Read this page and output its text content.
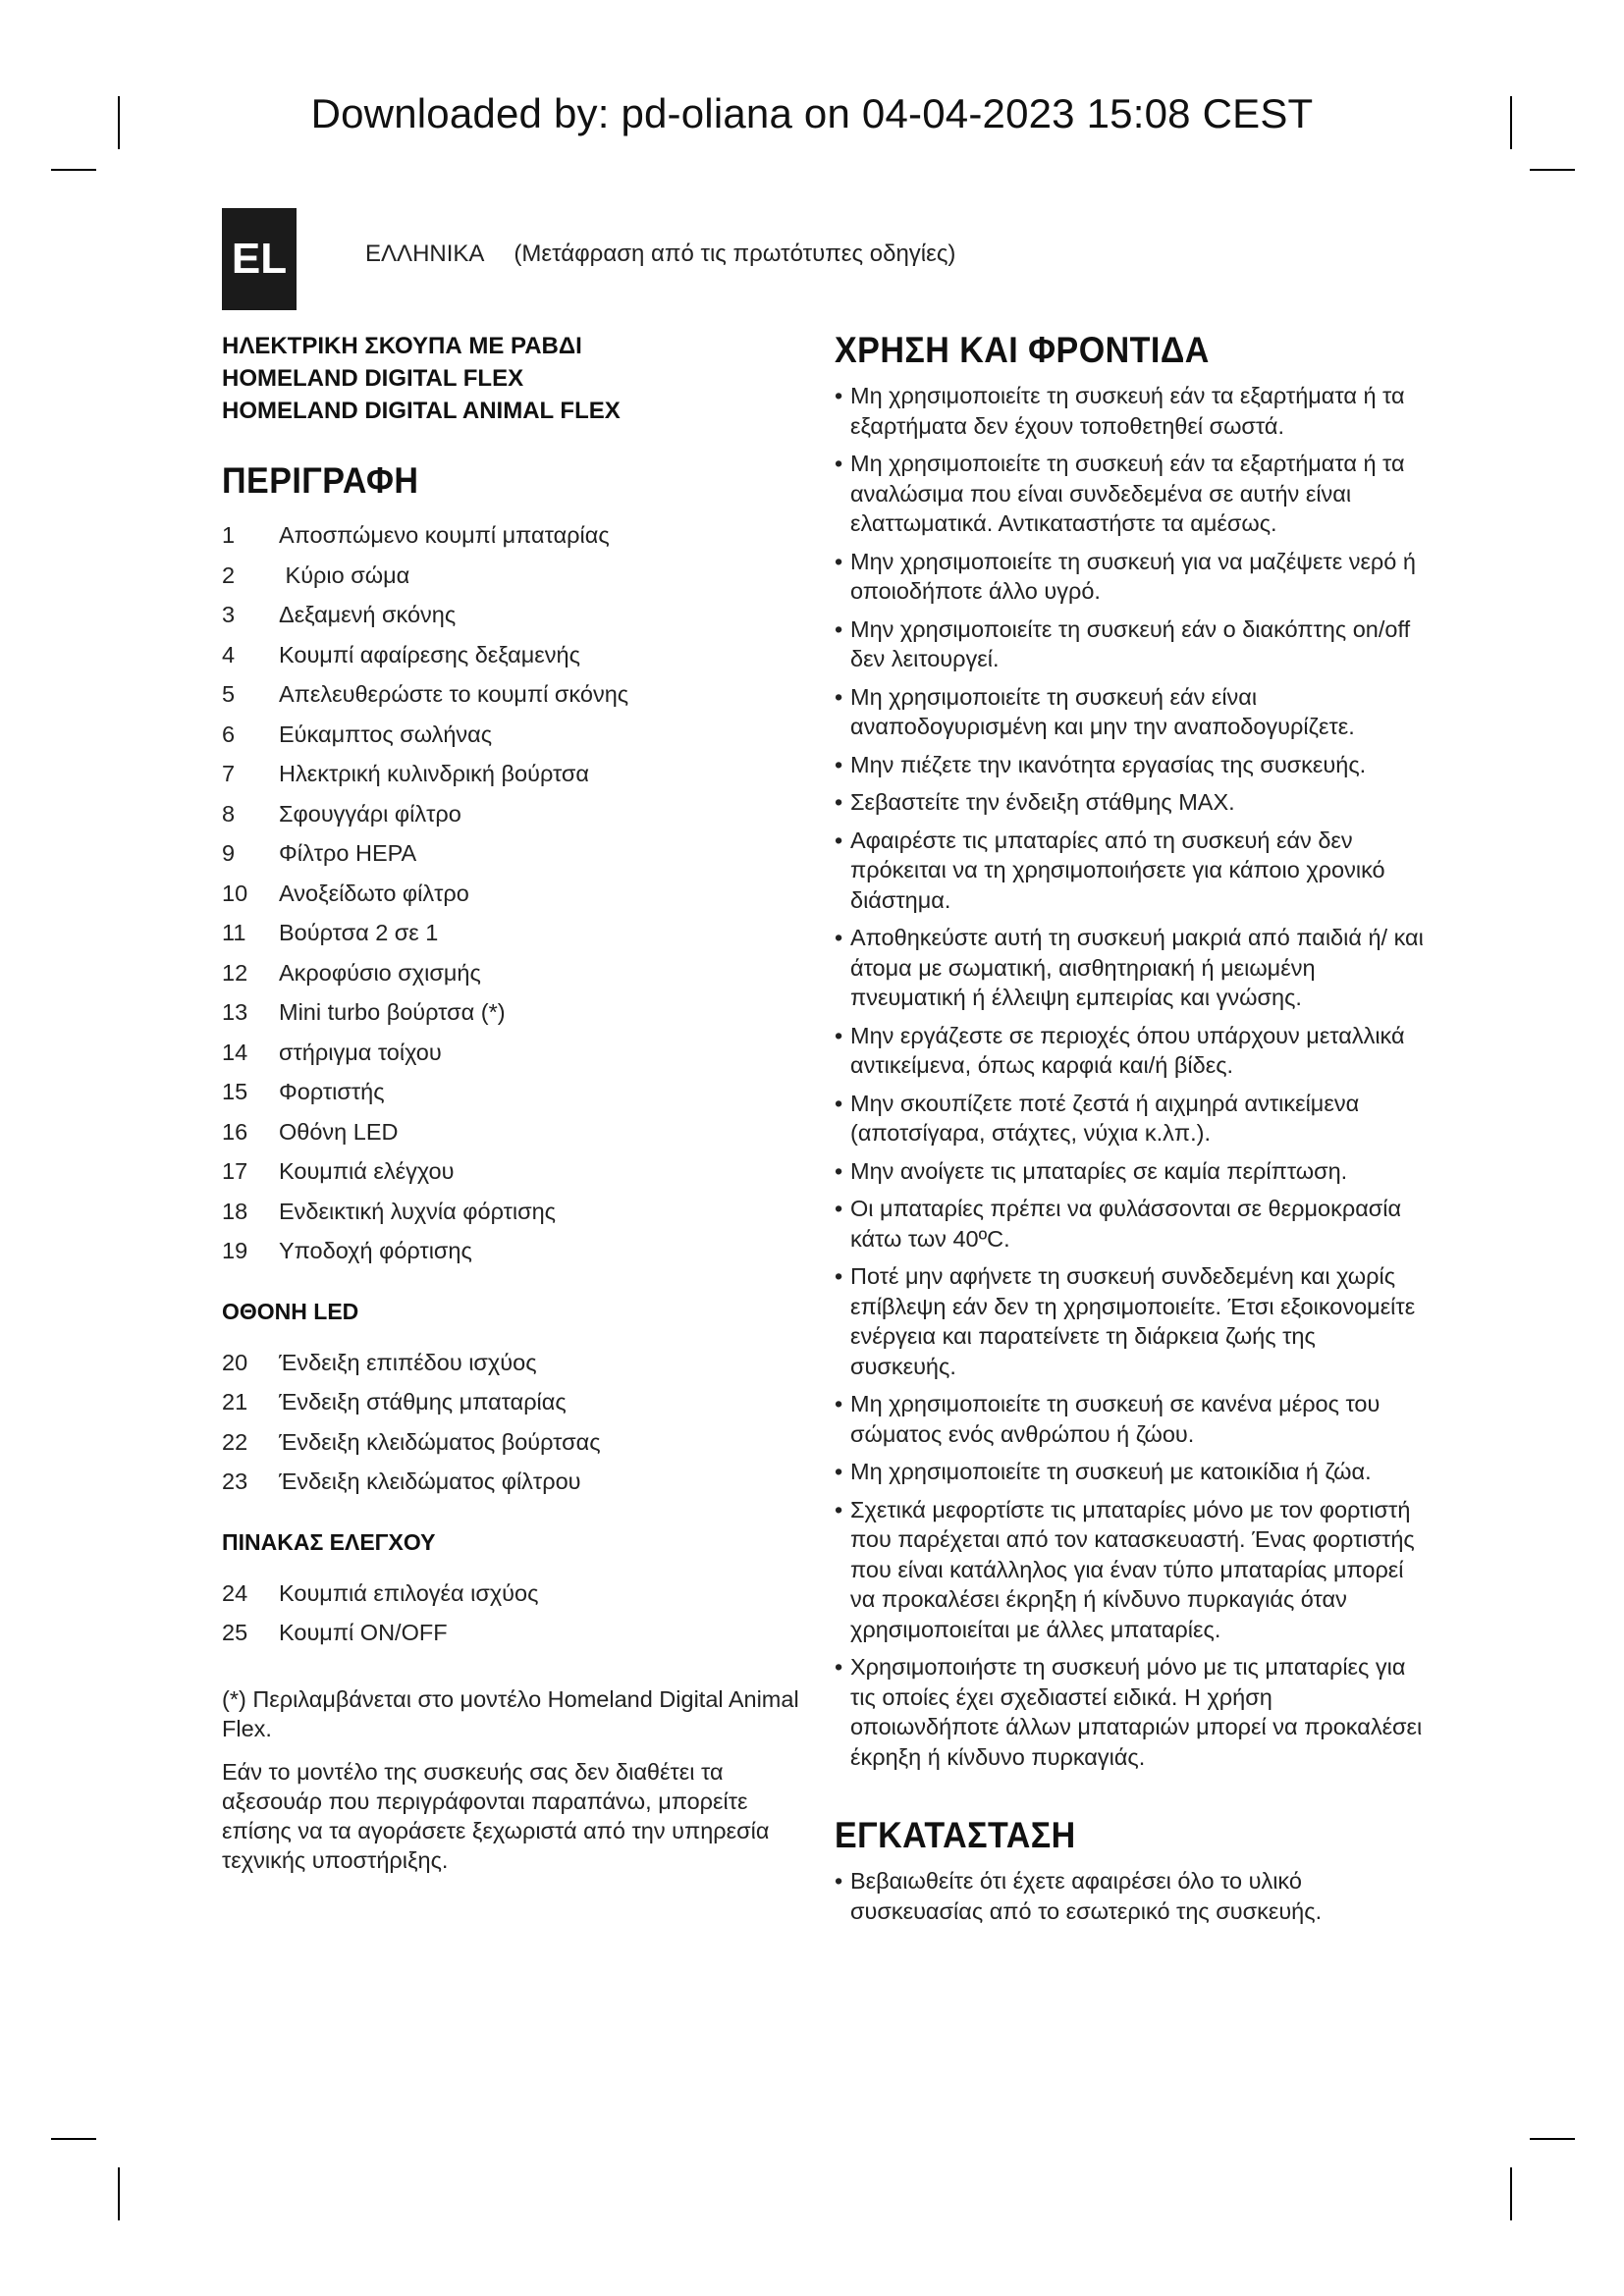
Downloaded by: pd-oliana on 04-04-2023 15:08 CEST
EL	ΕΛΛΗΝΙΚΑ (Μετάφραση από τις πρωτότυπες οδηγίες)
ΗΛΕΚΤΡΙΚΗ ΣΚΟΥΠΑ ΜΕ ΡΑΒΔΙ
HOMELAND DIGITAL FLEX
HOMELAND DIGITAL ANIMAL FLEX
ΠΕΡΙΓΡΑΦΗ
1	Αποσπώμενο κουμπί μπαταρίας
2	Κύριο σώμα
3	Δεξαμενή σκόνης
4	Κουμπί αφαίρεσης δεξαμενής
5	Απελευθερώστε το κουμπί σκόνης
6	Εύκαμπτος σωλήνας
7	Ηλεκτρική κυλινδρική βούρτσα
8	Σφουγγάρι φίλτρο
9	Φίλτρο HEPA
10	Ανοξείδωτο φίλτρο
11	Βούρτσα 2 σε 1
12	Ακροφύσιο σχισμής
13	Mini turbo βούρτσα (*)
14	στήριγμα τοίχου
15	Φορτιστής
16	Οθόνη LED
17	Κουμπιά ελέγχου
18	Ενδεικτική λυχνία φόρτισης
19	Υποδοχή φόρτισης
ΟΘΟΝΗ LED
20	Ένδειξη επιπέδου ισχύος
21	Ένδειξη στάθμης μπαταρίας
22	Ένδειξη κλειδώματος βούρτσας
23	Ένδειξη κλειδώματος φίλτρου
ΠΙΝΑΚΑΣ ΕΛΕΓΧΟΥ
24	Κουμπιά επιλογέα ισχύος
25	Κουμπί ON/OFF
(*) Περιλαμβάνεται στο μοντέλο Homeland Digital Animal Flex.
Εάν το μοντέλο της συσκευής σας δεν διαθέτει τα αξεσουάρ που περιγράφονται παραπάνω, μπορείτε επίσης να τα αγοράσετε ξεχωριστά από την υπηρεσία τεχνικής υποστήριξης.
ΧΡΗΣΗ ΚΑΙ ΦΡΟΝΤΙΔΑ
• Μη χρησιμοποιείτε τη συσκευή εάν τα εξαρτήματα ή τα εξαρτήματα δεν έχουν τοποθετηθεί σωστά.
• Μη χρησιμοποιείτε τη συσκευή εάν τα εξαρτήματα ή τα αναλώσιμα που είναι συνδεδεμένα σε αυτήν είναι ελαττωματικά. Αντικαταστήστε τα αμέσως.
• Μην χρησιμοποιείτε τη συσκευή για να μαζέψετε νερό ή οποιοδήποτε άλλο υγρό.
• Μην χρησιμοποιείτε τη συσκευή εάν ο διακόπτης on/off δεν λειτουργεί.
• Μη χρησιμοποιείτε τη συσκευή εάν είναι αναποδογυρισμένη και μην την αναποδογυρίζετε.
• Μην πιέζετε την ικανότητα εργασίας της συσκευής.
• Σεβαστείτε την ένδειξη στάθμης MAX.
• Αφαιρέστε τις μπαταρίες από τη συσκευή εάν δεν πρόκειται να τη χρησιμοποιήσετε για κάποιο χρονικό διάστημα.
• Αποθηκεύστε αυτή τη συσκευή μακριά από παιδιά ή/ και άτομα με σωματική, αισθητηριακή ή μειωμένη πνευματική ή έλλειψη εμπειρίας και γνώσης.
• Μην εργάζεστε σε περιοχές όπου υπάρχουν μεταλλικά αντικείμενα, όπως καρφιά και/ή βίδες.
• Μην σκουπίζετε ποτέ ζεστά ή αιχμηρά αντικείμενα (αποτσίγαρα, στάχτες, νύχια κ.λπ.).
• Μην ανοίγετε τις μπαταρίες σε καμία περίπτωση.
• Οι μπαταρίες πρέπει να φυλάσσονται σε θερμοκρασία κάτω των 40ºC.
• Ποτέ μην αφήνετε τη συσκευή συνδεδεμένη και χωρίς επίβλεψη εάν δεν τη χρησιμοποιείτε. Έτσι εξοικονομείτε ενέργεια και παρατείνετε τη διάρκεια ζωής της συσκευής.
• Μη χρησιμοποιείτε τη συσκευή σε κανένα μέρος του σώματος ενός ανθρώπου ή ζώου.
• Μη χρησιμοποιείτε τη συσκευή με κατοικίδια ή ζώα.
• Σχετικά μεφορτίστε τις μπαταρίες μόνο με τον φορτιστή που παρέχεται από τον κατασκευαστή. Ένας φορτιστής που είναι κατάλληλος για έναν τύπο μπαταρίας μπορεί να προκαλέσει έκρηξη ή κίνδυνο πυρκαγιάς όταν χρησιμοποιείται με άλλες μπαταρίες.
• Χρησιμοποιήστε τη συσκευή μόνο με τις μπαταρίες για τις οποίες έχει σχεδιαστεί ειδικά. Η χρήση οποιωνδήποτε άλλων μπαταριών μπορεί να προκαλέσει έκρηξη ή κίνδυνο πυρκαγιάς.
ΕΓΚΑΤΑΣΤΑΣΗ
• Βεβαιωθείτε ότι έχετε αφαιρέσει όλο το υλικό συσκευασίας από το εσωτερικό της συσκευής.
